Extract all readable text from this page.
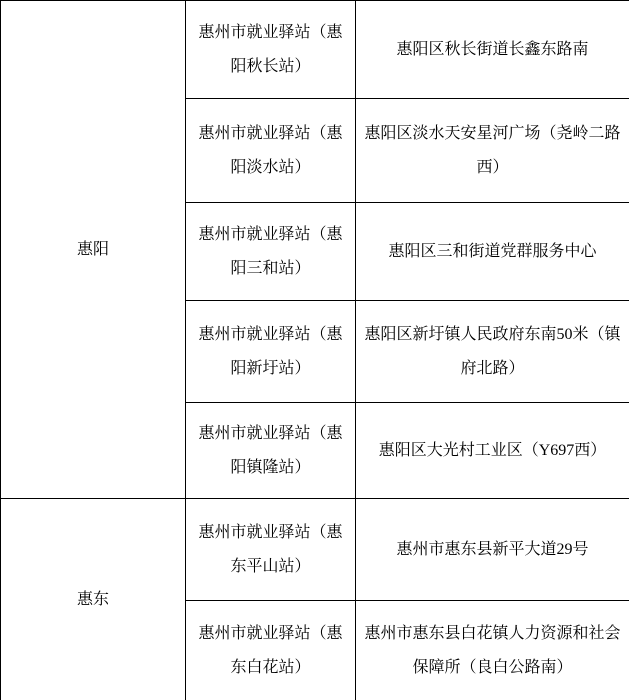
惠阳	惠州市就业驿站（惠阳秋长站）	惠阳区秋长街道长鑫东路南
	惠州市就业驿站（惠阳淡水站）	惠阳区淡水天安星河广场（尧岭二路西）
	惠州市就业驿站（惠阳三和站）	惠阳区三和街道党群服务中心
	惠州市就业驿站（惠阳新圩站）	惠阳区新圩镇人民政府东南50米（镇府北路）
	惠州市就业驿站（惠阳镇隆站）	惠阳区大光村工业区（Y697西）
惠东	惠州市就业驿站（惠东平山站）	惠州市惠东县新平大道29号
	惠州市就业驿站（惠东白花站）	惠州市惠东县白花镇人力资源和社会保障所（良白公路南）
